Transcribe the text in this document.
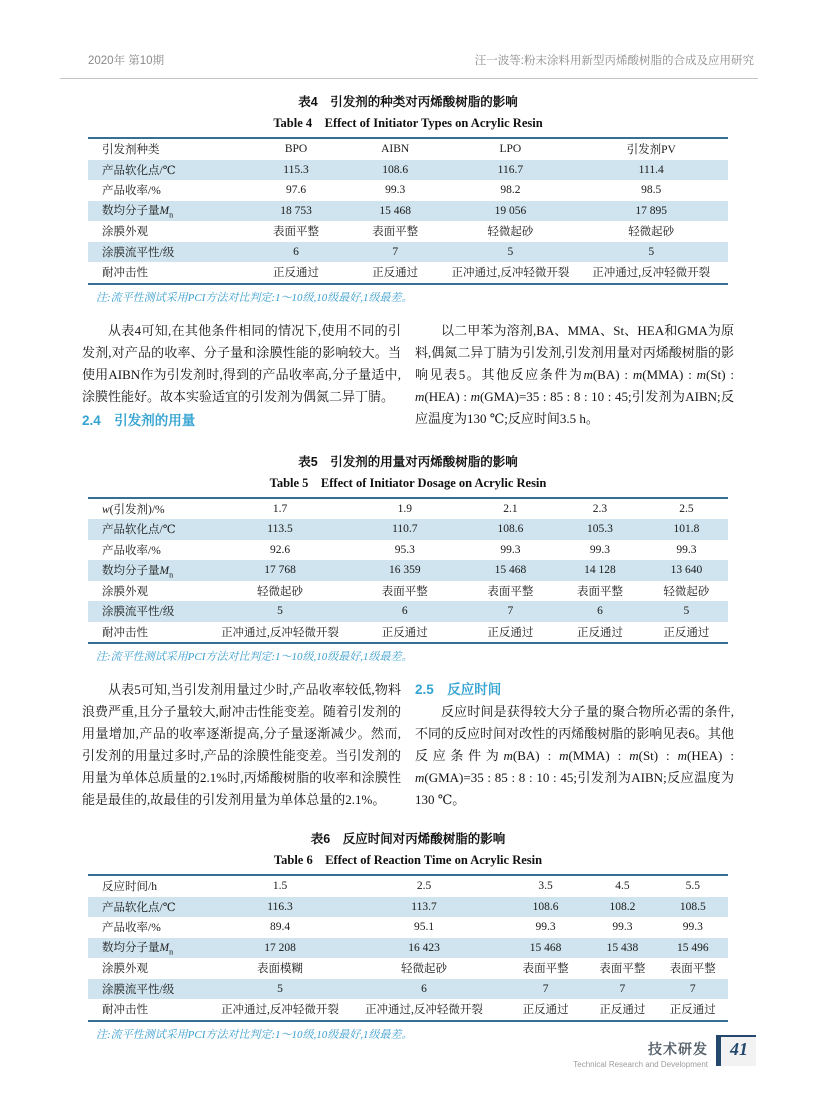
2020年 第10期	汪一波等:粉末涂料用新型丙烯酸树脂的合成及应用研究
表4　引发剂的种类对丙烯酸树脂的影响
Table 4　Effect of Initiator Types on Acrylic Resin
引发剂种类	BPO	AIBN	LPO	引发剂PV
产品软化点/℃	115.3	108.6	116.7	111.4
产品收率/%	97.6	99.3	98.2	98.5
数均分子量$M_n$	18 753	15 468	19 056	17 895
涂膜外观	表面平整	表面平整	轻微起砂	轻微起砂
涂膜流平性/级	6	7	5	5
耐冲击性	正反通过	正反通过	正冲通过,反冲轻微开裂	正冲通过,反冲轻微开裂
注:流平性测试采用PCI方法对比判定:1～10级,10级最好,1级最差。

从表4可知,在其他条件相同的情况下,使用不同的引发剂,对产品的收率、分子量和涂膜性能的影响较大。当使用AIBN作为引发剂时,得到的产品收率高,分子量适中,涂膜性能好。故本实验适宜的引发剂为偶氮二异丁腈。

2.4　引发剂的用量

以二甲苯为溶剂,BA、MMA、St、HEA和GMA为原料,偶氮二异丁腈为引发剂,引发剂用量对丙烯酸树脂的影响见表5。其他反应条件为m(BA) : m(MMA) : m(St) : m(HEA) : m(GMA)=35 : 85 : 8 : 10 : 45;引发剂为AIBN;反应温度为130 ℃;反应时间3.5 h。

表5　引发剂的用量对丙烯酸树脂的影响
Table 5　Effect of Initiator Dosage on Acrylic Resin
w(引发剂)/%	1.7	1.9	2.1	2.3	2.5
产品软化点/℃	113.5	110.7	108.6	105.3	101.8
产品收率/%	92.6	95.3	99.3	99.3	99.3
数均分子量$M_n$	17 768	16 359	15 468	14 128	13 640
涂膜外观	轻微起砂	表面平整	表面平整	表面平整	轻微起砂
涂膜流平性/级	5	6	7	6	5
耐冲击性	正冲通过,反冲轻微开裂	正反通过	正反通过	正反通过	正反通过
注:流平性测试采用PCI方法对比判定:1～10级,10级最好,1级最差。

从表5可知,当引发剂用量过少时,产品收率较低,物料浪费严重,且分子量较大,耐冲击性能变差。随着引发剂的用量增加,产品的收率逐渐提高,分子量逐渐减少。然而,引发剂的用量过多时,产品的涂膜性能变差。当引发剂的用量为单体总质量的2.1%时,丙烯酸树脂的收率和涂膜性能是最佳的,故最佳的引发剂用量为单体总量的2.1%。

2.5　反应时间

反应时间是获得较大分子量的聚合物所必需的条件,不同的反应时间对改性的丙烯酸树脂的影响见表6。其他反应条件为m(BA) : m(MMA) : m(St) : m(HEA) : m(GMA)=35 : 85 : 8 : 10 : 45;引发剂为AIBN;反应温度为130 ℃。

表6　反应时间对丙烯酸树脂的影响
Table 6　Effect of Reaction Time on Acrylic Resin
反应时间/h	1.5	2.5	3.5	4.5	5.5
产品软化点/℃	116.3	113.7	108.6	108.2	108.5
产品收率/%	89.4	95.1	99.3	99.3	99.3
数均分子量$M_n$	17 208	16 423	15 468	15 438	15 496
涂膜外观	表面模糊	轻微起砂	表面平整	表面平整	表面平整
涂膜流平性/级	5	6	7	7	7
耐冲击性	正冲通过,反冲轻微开裂	正冲通过,反冲轻微开裂	正反通过	正反通过	正反通过
注:流平性测试采用PCI方法对比判定:1～10级,10级最好,1级最差。
技术研发
Technical Research and Development
41
